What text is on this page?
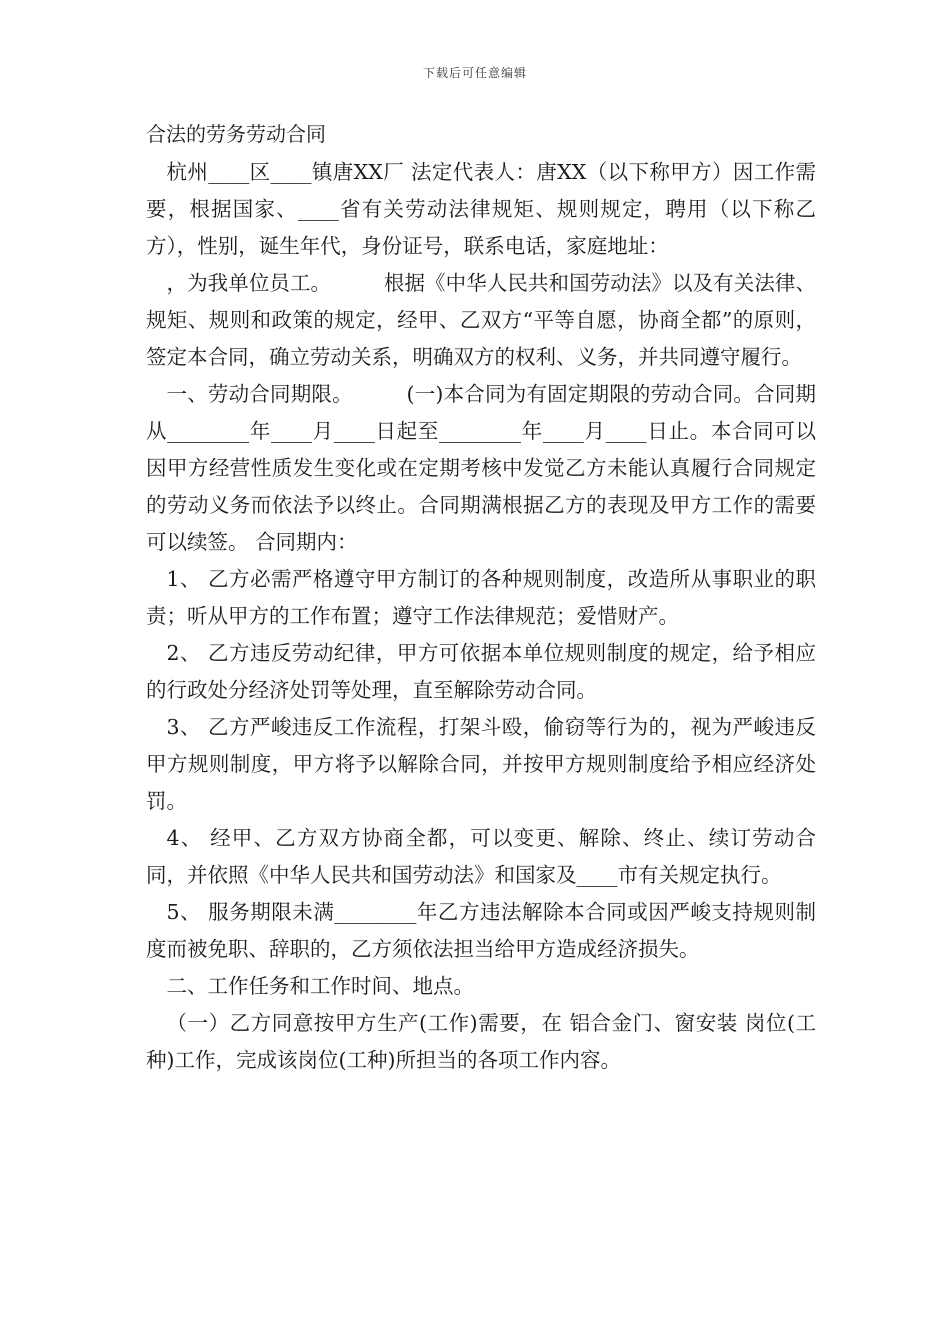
下载后可任意编辑
合法的劳务劳动合同

杭州____区____镇唐XX厂 法定代表人：唐XX（以下称甲方）因工作需要，根据国家、____省有关劳动法律规矩、规则规定，聘用（以下称乙方），性别，诞生年代，身份证号，联系电话，家庭地址：

，为我单位员工。        根据《中华人民共和国劳动法》以及有关法律、规矩、规则和政策的规定，经甲、乙双方“平等自愿，协商全都”的原则，签定本合同，确立劳动关系，明确双方的权利、义务，并共同遵守履行。

一、劳动合同期限。        (一)本合同为有固定期限的劳动合同。合同期从________年____月____日起至________年____月____日止。本合同可以因甲方经营性质发生变化或在定期考核中发觉乙方未能认真履行合同规定的劳动义务而依法予以终止。合同期满根据乙方的表现及甲方工作的需要可以续签。 合同期内：

1、 乙方必需严格遵守甲方制订的各种规则制度，改造所从事职业的职责；听从甲方的工作布置；遵守工作法律规范；爱惜财产。

2、 乙方违反劳动纪律，甲方可依据本单位规则制度的规定，给予相应的行政处分经济处罚等处理，直至解除劳动合同。

3、 乙方严峻违反工作流程，打架斗殴，偷窃等行为的，视为严峻违反甲方规则制度，甲方将予以解除合同，并按甲方规则制度给予相应经济处罚。

4、 经甲、乙方双方协商全都，可以变更、解除、终止、续订劳动合同，并依照《中华人民共和国劳动法》和国家及____市有关规定执行。

5、 服务期限未满________年乙方违法解除本合同或因严峻支持规则制度而被免职、辞职的，乙方须依法担当给甲方造成经济损失。

二、工作任务和工作时间、地点。

（一）乙方同意按甲方生产(工作)需要，在 铝合金门、窗安装 岗位(工种)工作，完成该岗位(工种)所担当的各项工作内容。
